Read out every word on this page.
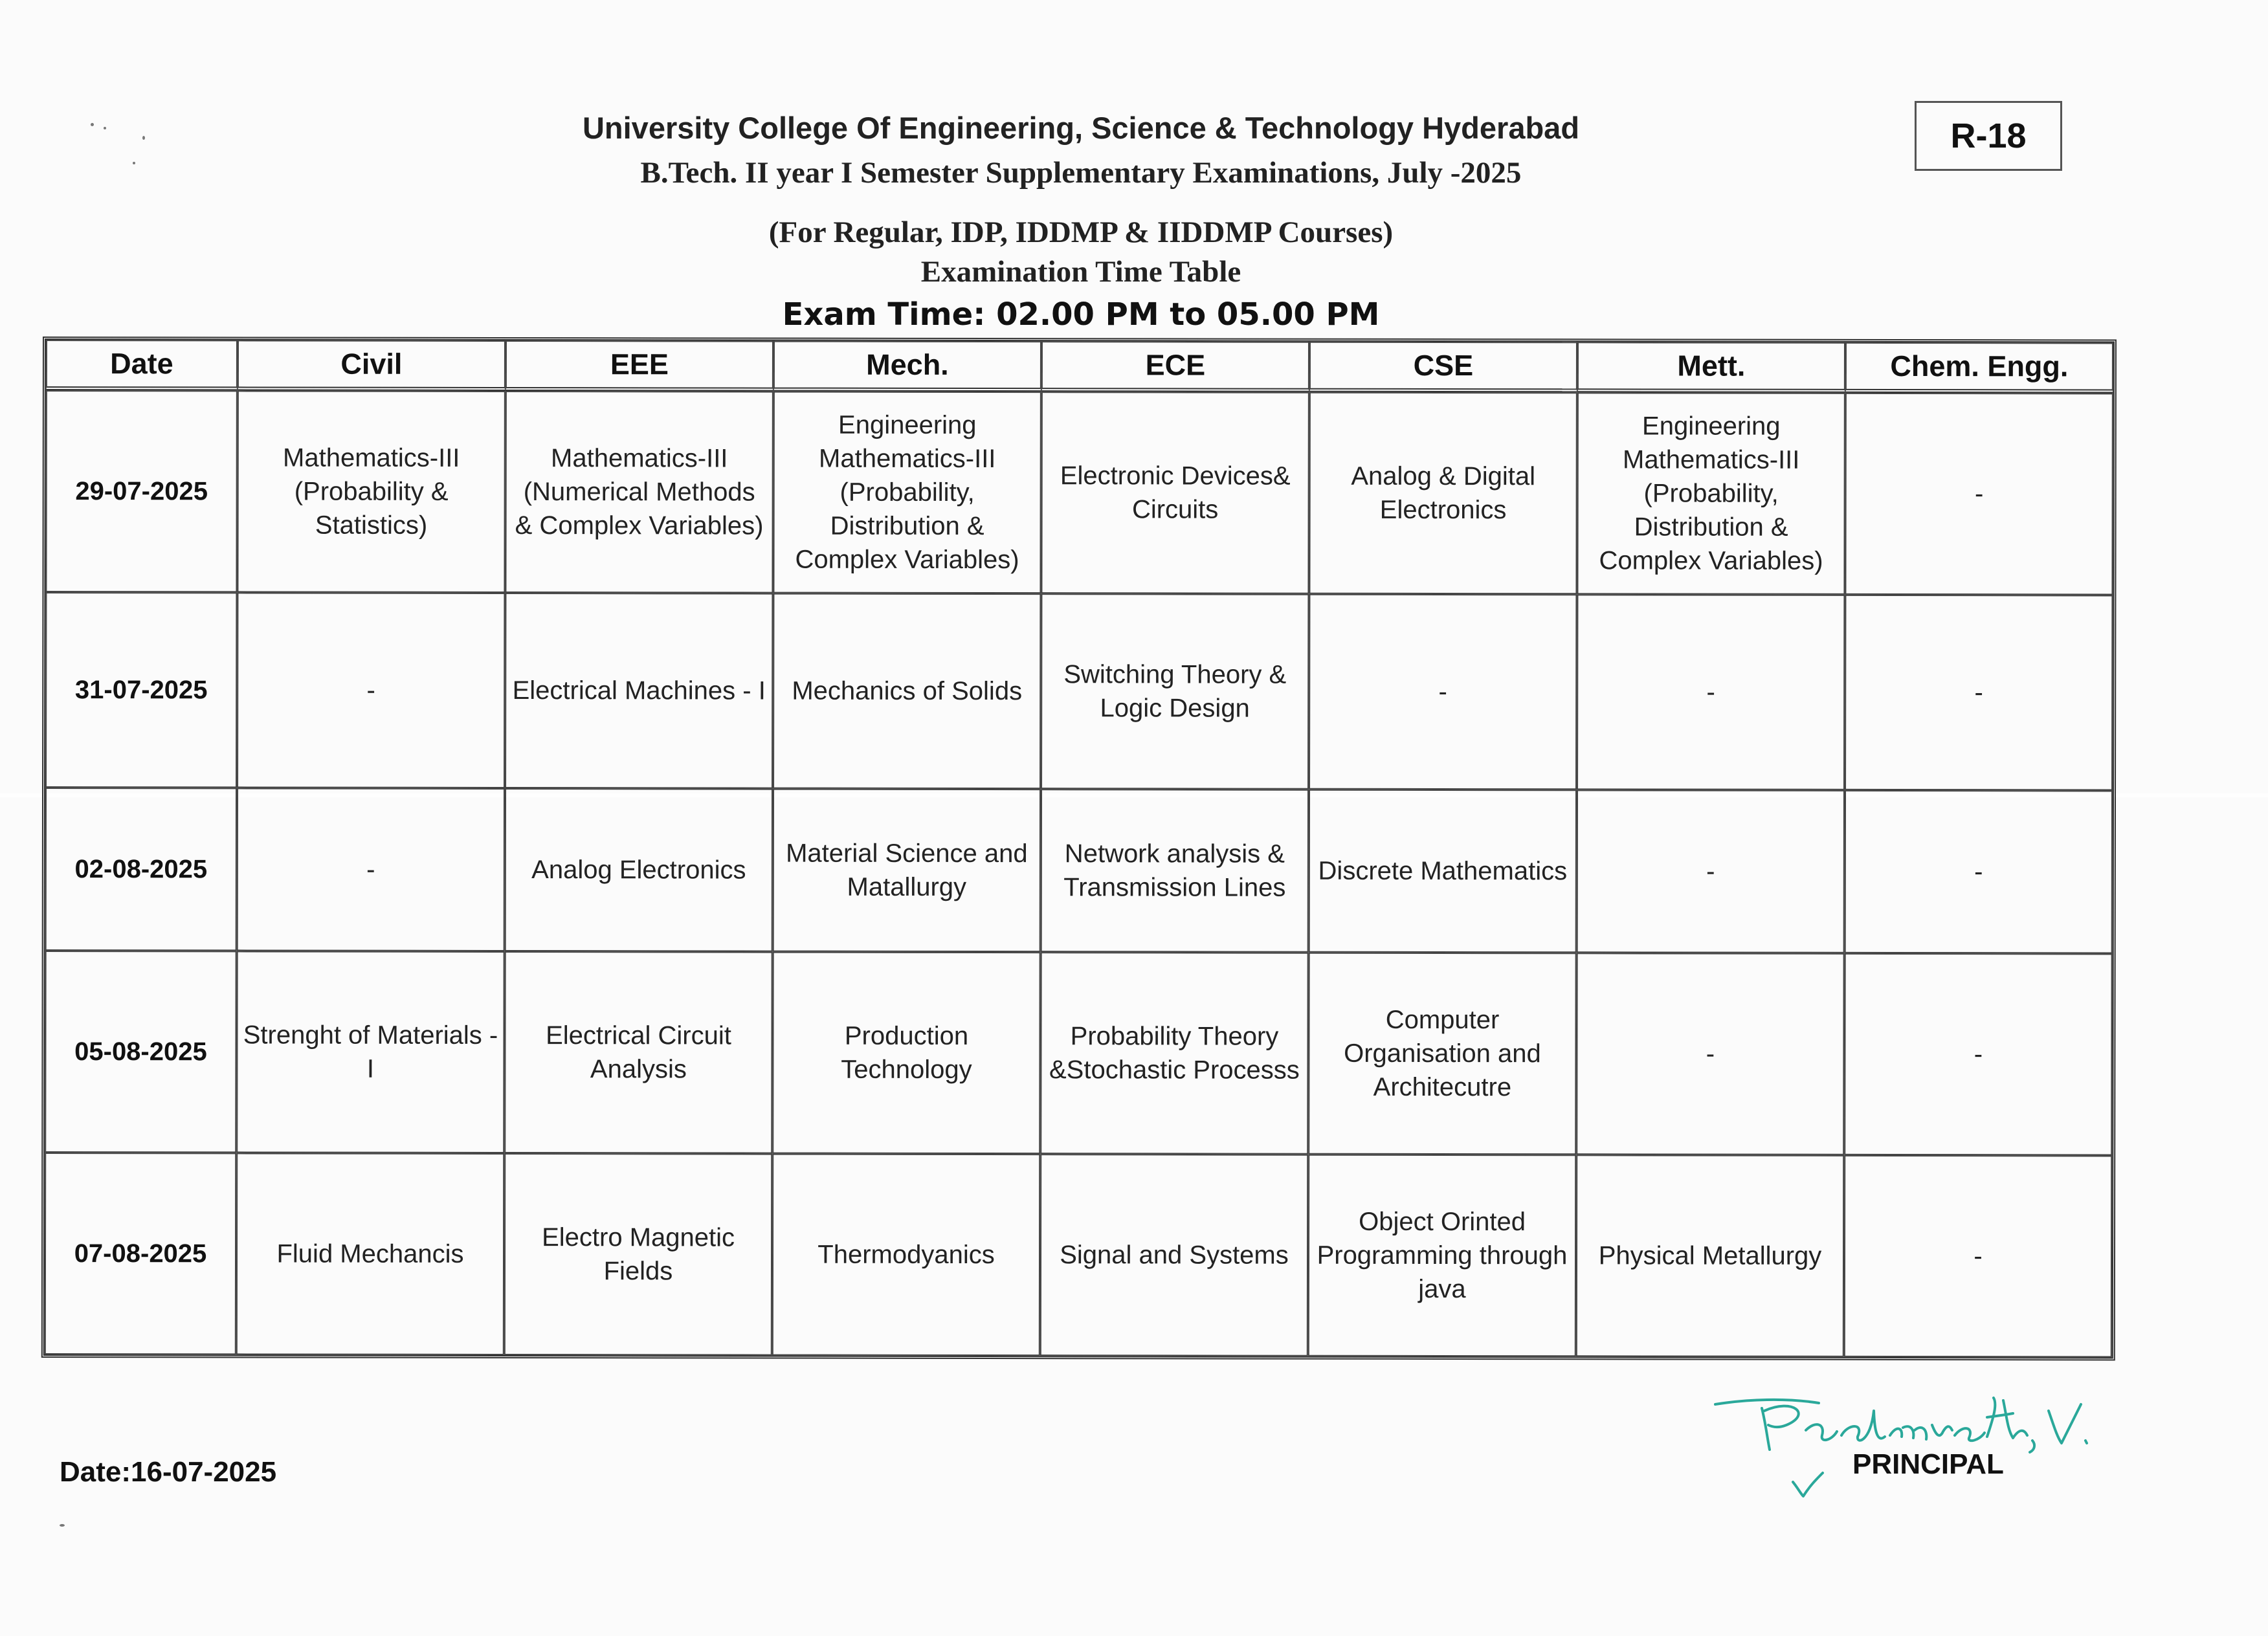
University College Of Engineering, Science & Technology Hyderabad
B.Tech. II year I Semester Supplementary Examinations, July -2025
(For Regular, IDP, IDDMP & IIDDMP Courses)
Examination Time Table
Exam Time: 02.00 PM to 05.00 PM
R-18
Date	Civil	EEE	Mech.	ECE	CSE	Mett.	Chem. Engg.
29-07-2025	Mathematics-III (Probability & Statistics)	Mathematics-III (Numerical Methods & Complex Variables)	Engineering Mathematics-III (Probability, Distribution & Complex Variables)	Electronic Devices& Circuits	Analog & Digital Electronics	Engineering Mathematics-III (Probability, Distribution & Complex Variables)	-
31-07-2025	-	Electrical Machines - I	Mechanics of Solids	Switching Theory & Logic Design	-	-	-
02-08-2025	-	Analog Electronics	Material Science and Matallurgy	Network analysis & Transmission Lines	Discrete Mathematics	-	-
05-08-2025	Strenght of Materials - I	Electrical Circuit Analysis	Production Technology	Probability Theory &Stochastic Processs	Computer Organisation and Architecutre	-	-
07-08-2025	Fluid Mechancis	Electro Magnetic Fields	Thermodyanics	Signal and Systems	Object Orinted Programming through java	Physical Metallurgy	-
Date:16-07-2025	PRINCIPAL
